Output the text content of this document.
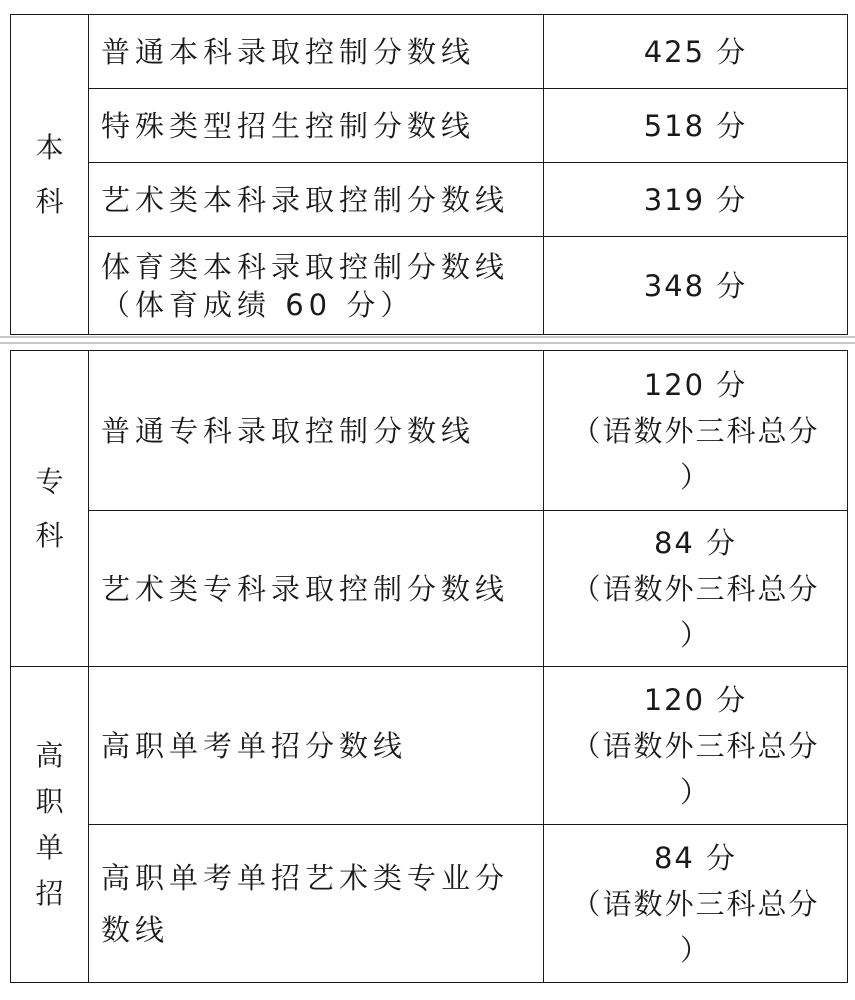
本
科	普通本科录取控制分数线	425 分
	特殊类型招生控制分数线	518 分
	艺术类本科录取控制分数线	319 分

	体育类本科录取控制分数线
（体育成绩 60 分）	348 分
专
科	普通专科录取控制分数线	120 分
（语数外三科总分
）

	艺术类专科录取控制分数线	84 分
（语数外三科总分
）

高
职
单
招	高职单考单招分数线	120 分
（语数外三科总分
）

	高职单考单招艺术类专业分数线	84 分
（语数外三科总分
）
